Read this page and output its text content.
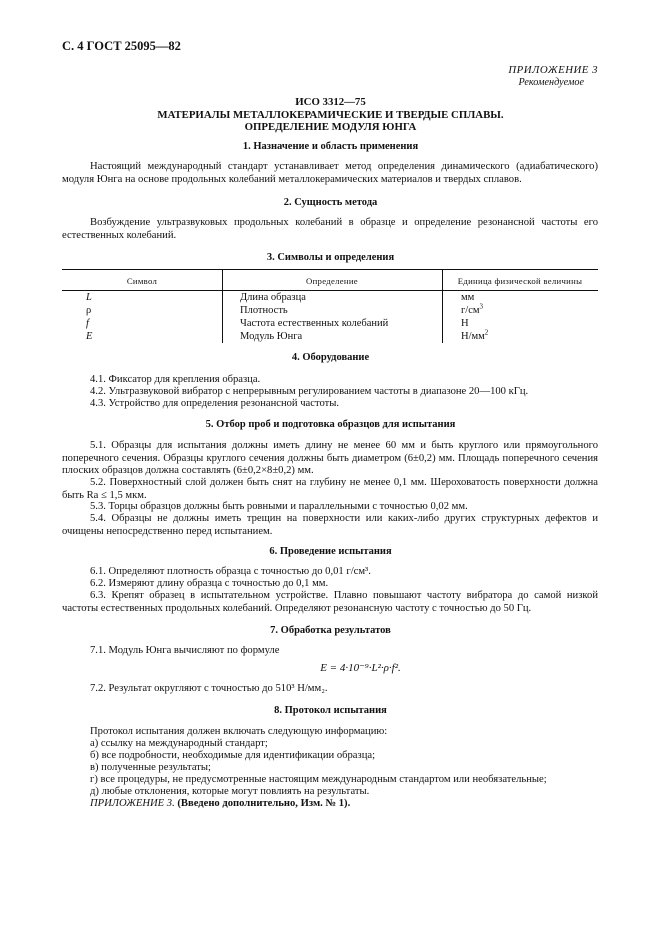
С. 4 ГОСТ 25095—82
ПРИЛОЖЕНИЕ 3
Рекомендуемое
ИСО 3312—75
МАТЕРИАЛЫ МЕТАЛЛОКЕРАМИЧЕСКИЕ И ТВЕРДЫЕ СПЛАВЫ.
ОПРЕДЕЛЕНИЕ МОДУЛЯ ЮНГА
1. Назначение и область применения
Настоящий международный стандарт устанавливает метод определения динамического (адиабатического) модуля Юнга на основе продольных колебаний металлокерамических материалов и твердых сплавов.
2. Сущность метода
Возбуждение ультразвуковых продольных колебаний в образце и определение резонансной частоты его естественных колебаний.
3. Символы и определения
Символ	Определение	Единица физической величины
L	Длина образца	мм
ρ	Плотность	$г/см^3$
f	Частота естественных колебаний	Н
E	Модуль Юнга	$Н/мм^2$
4. Оборудование
4.1. Фиксатор для крепления образца.
4.2. Ультразвуковой вибратор с непрерывным регулированием частоты в диапазоне 20—100 кГц.
4.3. Устройство для определения резонансной частоты.
5. Отбор проб и подготовка образцов для испытания
5.1. Образцы для испытания должны иметь длину не менее 60 мм и быть круглого или прямоугольного поперечного сечения. Образцы круглого сечения должны быть диаметром (6±0,2) мм. Площадь поперечного сечения плоских образцов должна составлять (6±0,2×8±0,2) мм.
5.2. Поверхностный слой должен быть снят на глубину не менее 0,1 мм. Шероховатость поверхности должна быть Ra ≤ 1,5 мкм.
5.3. Торцы образцов должны быть ровными и параллельными с точностью 0,02 мм.
5.4. Образцы не должны иметь трещин на поверхности или каких-либо других структурных дефектов и очищены непосредственно перед испытанием.
6. Проведение испытания
6.1. Определяют плотность образца с точностью до 0,01 г/см³.
6.2. Измеряют длину образца с точностью до 0,1 мм.
6.3. Крепят образец в испытательном устройстве. Плавно повышают частоту вибратора до самой низкой частоты естественных продольных колебаний. Определяют резонансную частоту с точностью до 50 Гц.
7. Обработка результатов
7.1. Модуль Юнга вычисляют по формуле
E = 4·10⁻⁹·L²·ρ·f².
7.2. Результат округляют с точностью до 510³ Н/мм₂.
8. Протокол испытания
Протокол испытания должен включать следующую информацию:
а) ссылку на международный стандарт;
б) все подробности, необходимые для идентификации образца;
в) полученные результаты;
г) все процедуры, не предусмотренные настоящим международным стандартом или необязательные;
д) любые отклонения, которые могут повлиять на результаты.
ПРИЛОЖЕНИЕ 3. (Введено дополнительно, Изм. № 1).
